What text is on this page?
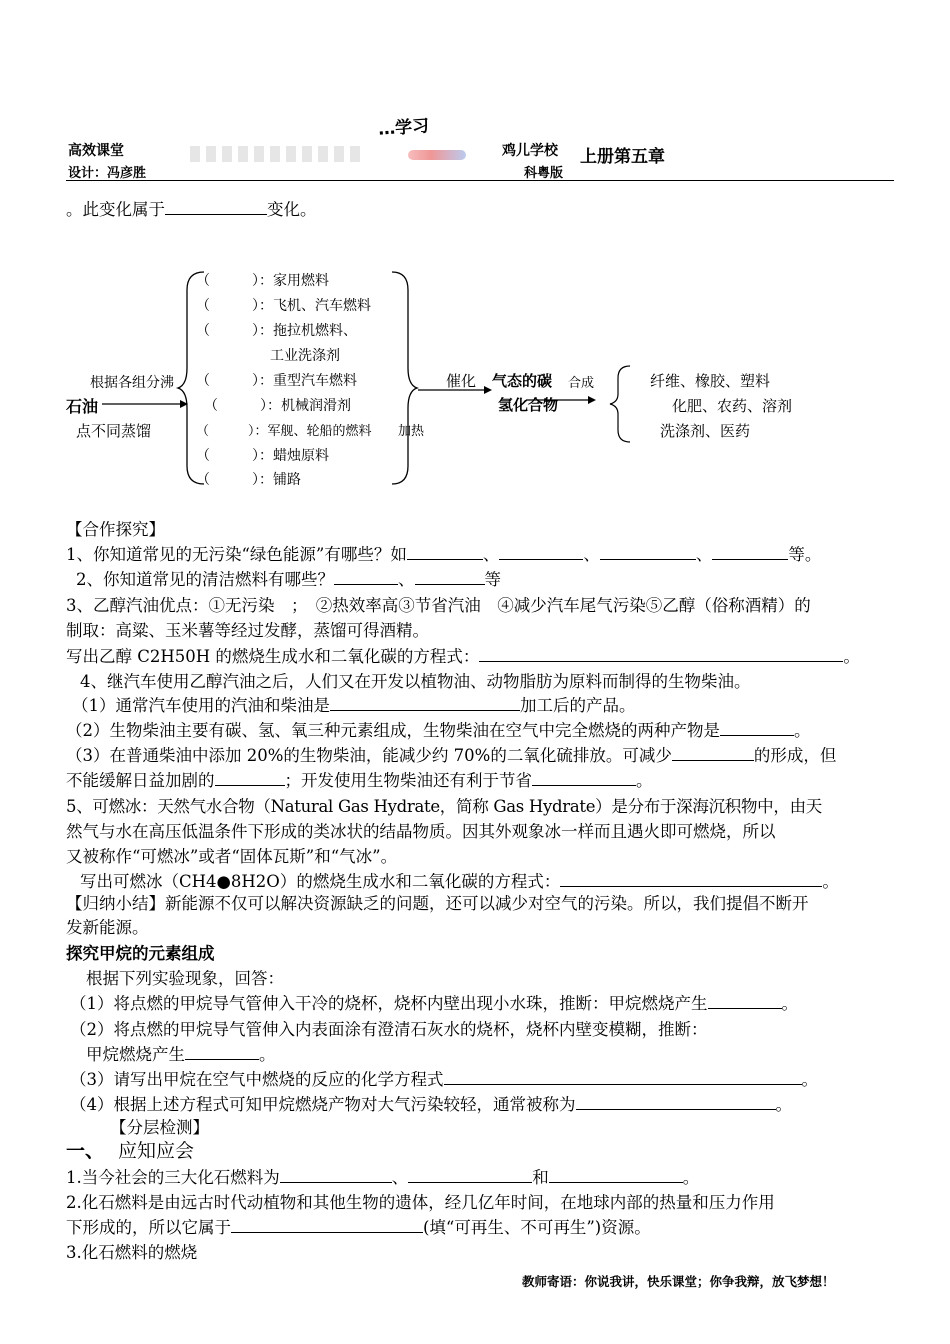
高效课堂
设计：冯彦胜
…学习
鸡儿学校
科粤版
上册第五章
。此变化属于	变化。
根据各组分沸
石油
点不同蒸馏
（　　　）：家用燃料
（　　　）：飞机、汽车燃料
（　　　）：拖拉机燃料、
工业洗涤剂
（　　　）：重型汽车燃料
（　　　）：机械润滑剂
（　　　）：军舰、轮船的燃料 加热
（　　　）：蜡烛原料
（　　　）：铺路
催化 气态的碳
氢化合物
合成	纤维、橡胶、塑料
化肥、农药、溶剂
洗涤剂、医药
【合作探究】
1、你知道常见的无污染“绿色能源”有哪些？如	、	、	、	等。
2、你知道常见的清洁燃料有哪些？	、	等
3、乙醇汽油优点：①无污染　；　②热效率高③节省汽油　④减少汽车尾气污染⑤乙醇（俗称酒精）的
制取：高粱、玉米薯等经过发酵，蒸馏可得酒精。
写出乙醇 C2H50H 的燃烧生成水和二氧化碳的方程式：	。
4、继汽车使用乙醇汽油之后，人们又在开发以植物油、动物脂肪为原料而制得的生物柴油。
（1）通常汽车使用的汽油和柴油是	加工后的产品。
（2）生物柴油主要有碳、氢、氧三种元素组成，生物柴油在空气中完全燃烧的两种产物是	。
（3）在普通柴油中添加 20%的生物柴油，能减少约 70%的二氧化硫排放。可减少	的形成，但
不能缓解日益加剧的	；开发使用生物柴油还有利于节省	。
5、可燃冰：天然气水合物（Natural Gas Hydrate，简称 Gas Hydrate）是分布于深海沉积物中，由天
然气与水在高压低温条件下形成的类冰状的结晶物质。因其外观象冰一样而且遇火即可燃烧，所以
又被称作“可燃冰”或者“固体瓦斯”和“气冰”。
写出可燃冰（CH4●8H2O）的燃烧生成水和二氧化碳的方程式：	。
【归纳小结】新能源不仅可以解决资源缺乏的问题，还可以减少对空气的污染。所以，我们提倡不断开
发新能源。
探究甲烷的元素组成
根据下列实验现象，回答：
（1）将点燃的甲烷导气管伸入干冷的烧杯，烧杯内壁出现小水珠，推断：甲烷燃烧产生	。
（2）将点燃的甲烷导气管伸入内表面涂有澄清石灰水的烧杯，烧杯内壁变模糊，推断：
甲烷燃烧产生	。
（3）请写出甲烷在空气中燃烧的反应的化学方程式	。
（4）根据上述方程式可知甲烷燃烧产物对大气污染较轻，通常被称为	。
【分层检测】
一、 应知应会
1.当今社会的三大化石燃料为	、	和	。
2.化石燃料是由远古时代动植物和其他生物的遗体，经几亿年时间，在地球内部的热量和压力作用
下形成的，所以它属于	(填“可再生、不可再生”)资源。
3.化石燃料的燃烧
教师寄语：你说我讲，快乐课堂；你争我辩，放飞梦想！
